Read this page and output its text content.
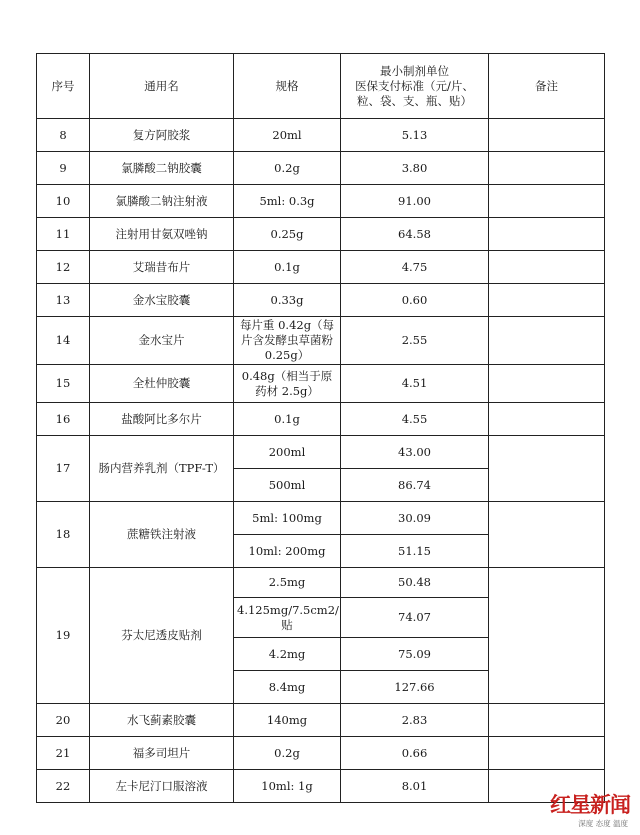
序号	通用名	规格	最小制剂单位
医保支付标准（元/片、
粒、袋、支、瓶、贴）	备注
8	复方阿胶浆	20ml	5.13	
9	氯膦酸二钠胶囊	0.2g	3.80	
10	氯膦酸二钠注射液	5ml: 0.3g	91.00	
11	注射用甘氨双唑钠	0.25g	64.58	
12	艾瑞昔布片	0.1g	4.75	
13	金水宝胶囊	0.33g	0.60	
14	金水宝片	每片重 0.42g（每片含发酵虫草菌粉 0.25g）	2.55	
15	全杜仲胶囊	0.48g（相当于原药材 2.5g）	4.51	
16	盐酸阿比多尔片	0.1g	4.55	
17	肠内营养乳剂（TPF-T）	200ml	43.00	
		500ml	86.74	
18	蔗糖铁注射液	5ml: 100mg	30.09	
		10ml: 200mg	51.15	
19	芬太尼透皮贴剂	2.5mg	50.48	
		4.125mg/7.5cm2/贴	74.07	
		4.2mg	75.09	
		8.4mg	127.66	
20	水飞蓟素胶囊	140mg	2.83	
21	福多司坦片	0.2g	0.66	
22	左卡尼汀口服溶液	10ml: 1g	8.01	
红星新闻
深度 态度 温度
